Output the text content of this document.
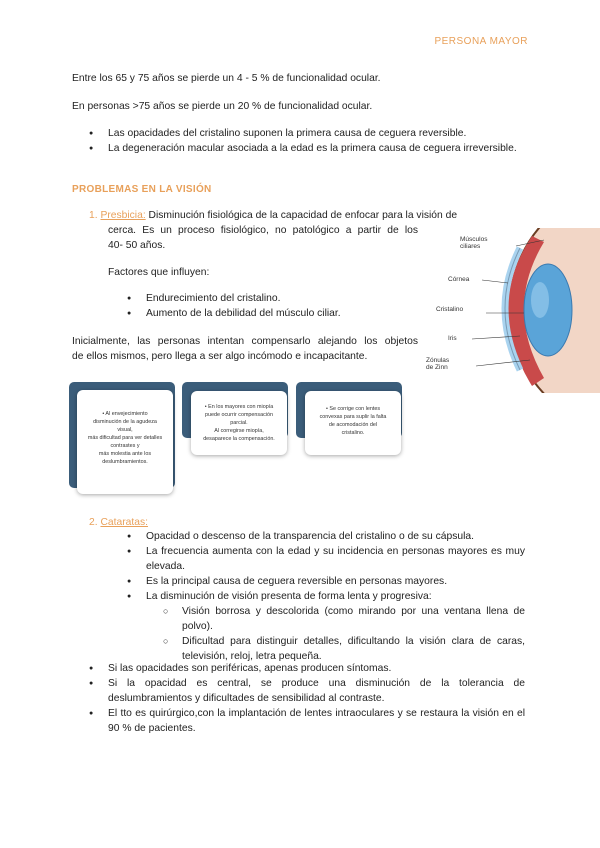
PERSONA MAYOR
Entre los 65 y 75 años se pierde un 4 - 5 % de funcionalidad ocular.
En personas >75 años se pierde un 20 % de funcionalidad ocular.
● Las opacidades del cristalino suponen la primera causa de ceguera reversible.
● La degeneración macular asociada a la edad es la primera causa de ceguera irreversible.
PROBLEMAS EN LA VISIÓN
1. Presbicia: Disminución fisiológica de la capacidad de enfocar para la visión de
cerca. Es un proceso fisiológico, no patológico a partir de los
40- 50 años.
Factores que influyen:
● Endurecimiento del cristalino.
● Aumento de la debilidad del músculo ciliar.
Inicialmente, las personas intentan compensarlo alejando los objetos
de ellos mismos, pero llega a ser algo incómodo e incapacitante.
Músculos
ciliares
Córnea
Cristalino
Iris
Zónulas
de Zinn
• Al envejecimiento
disminución de la agudeza
visual,
más dificultad para ver detalles
contrastes y
más molestia ante los
deslumbramientos.
• En los mayores con miopía
puede ocurrir compensación
parcial.
Al corregirse miopía,
desaparece la compensación.
• Se corrige con lentes
convexas para suplir la falta
de acomodación del
cristalino.
2. Cataratas:
● Opacidad o descenso de la transparencia del cristalino o de su cápsula.
● La frecuencia aumenta con la edad y su incidencia en personas mayores es muy elevada.
● Es la principal causa de ceguera reversible en personas mayores.
● La disminución de visión presenta de forma lenta y progresiva:
○ Visión borrosa y descolorida (como mirando por una ventana llena de polvo).
○ Dificultad para distinguir detalles, dificultando la visión clara de caras, televisión, reloj, letra pequeña.
● Si las opacidades son periféricas, apenas producen síntomas.
● Si la opacidad es central, se produce una disminución de la tolerancia de deslumbramientos y dificultades de sensibilidad al contraste.
● El tto es quirúrgico,con la implantación de lentes intraoculares y se restaura la visión en el 90 % de pacientes.
